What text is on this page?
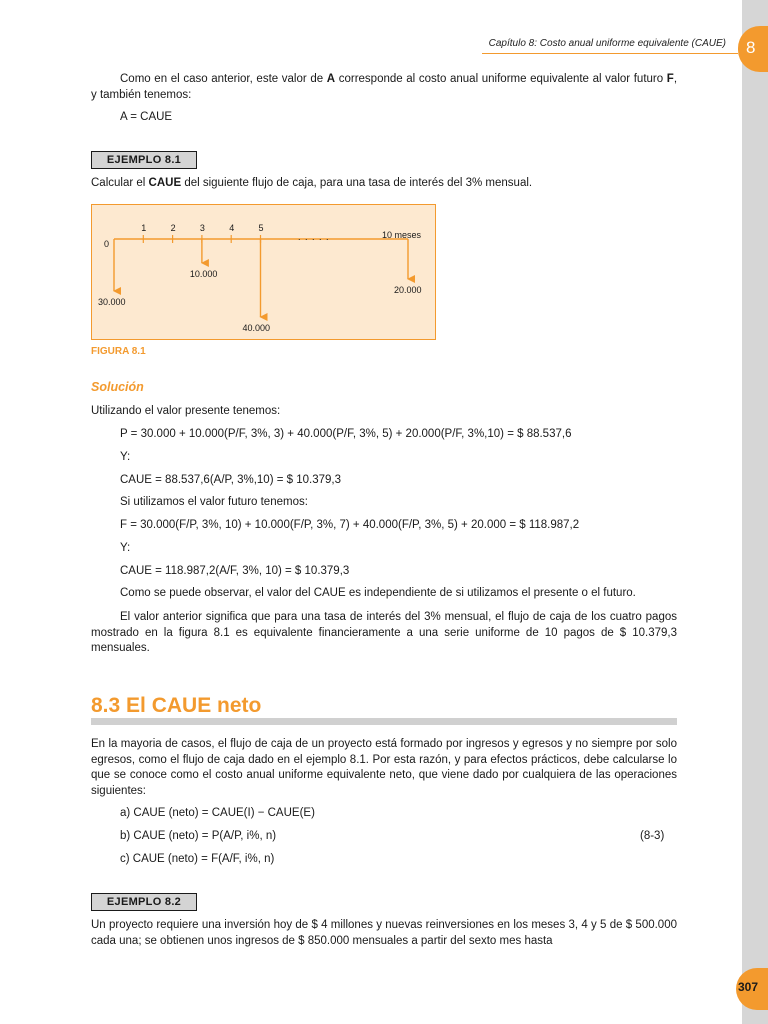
8
307
Capítulo 8: Costo anual uniforme equivalente (CAUE)

Como en el caso anterior, este valor de A corresponde al costo anual uniforme equivalente al valor futuro F, y también tenemos:

A = CAUE

EJEMPLO 8.1

Calcular el CAUE del siguiente flujo de caja, para una tasa de interés del 3% mensual.

1	2	3	4	5
0
. . . . .	10 meses
30.000
10.000
40.000
20.000
FIGURA 8.1
Solución

Utilizando el valor presente tenemos:

P = 30.000 + 10.000(P/F, 3%, 3) + 40.000(P/F, 3%, 5) + 20.000(P/F, 3%,10) = $ 88.537,6

Y:

CAUE = 88.537,6(A/P, 3%,10) = $ 10.379,3

Si utilizamos el valor futuro tenemos:

F = 30.000(F/P, 3%, 10) + 10.000(F/P, 3%, 7) + 40.000(F/P, 3%, 5) + 20.000 = $ 118.987,2

Y:

CAUE = 118.987,2(A/F, 3%, 10) = $ 10.379,3

Como se puede observar, el valor del CAUE es independiente de si utilizamos el presente o el futuro.

El valor anterior significa que para una tasa de interés del 3% mensual, el flujo de caja de los cuatro pagos mostrado en la figura 8.1 es equivalente financieramente a una serie uniforme de 10 pagos de $ 10.379,3 mensuales.

8.3 El CAUE neto

En la mayoria de casos, el flujo de caja de un proyecto está formado por ingresos y egresos y no siempre por solo egresos, como el flujo de caja dado en el ejemplo 8.1. Por esta razón, y para efectos prácticos, debe calcularse lo que se conoce como el costo anual uniforme equivalente neto, que viene dado por cualquiera de las operaciones siguientes:

a) CAUE (neto) = CAUE(I) − CAUE(E)

b) CAUE (neto) = P(A/P, i%, n)	(8-3)

c) CAUE (neto) = F(A/F, i%, n)

EJEMPLO 8.2

Un proyecto requiere una inversión hoy de $ 4 millones y nuevas reinversiones en los meses 3, 4 y 5 de $ 500.000 cada una; se obtienen unos ingresos de $ 850.000 mensuales a partir del sexto mes hasta
